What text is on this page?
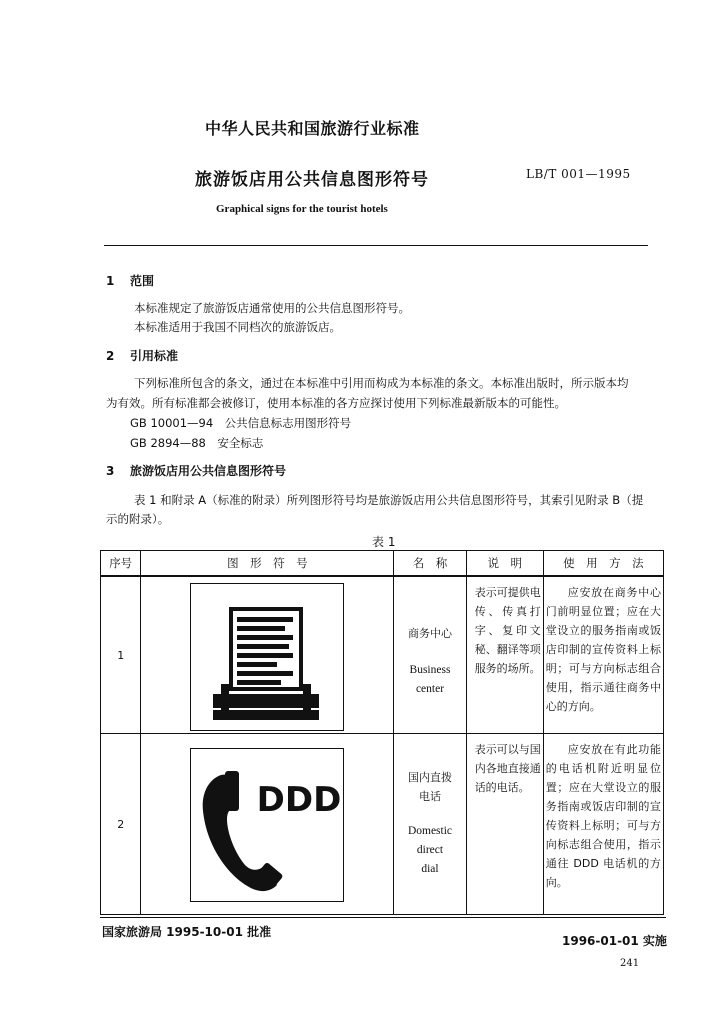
中华人民共和国旅游行业标准
旅游饭店用公共信息图形符号	LB/T 001—1995
Graphical signs for the tourist hotels
1 范围
本标准规定了旅游饭店通常使用的公共信息图形符号。
本标准适用于我国不同档次的旅游饭店。
2 引用标准
下列标准所包含的条文，通过在本标准中引用而构成为本标准的条文。本标准出版时，所示版本均
为有效。所有标准都会被修订，使用本标准的各方应探讨使用下列标准最新版本的可能性。
GB 10001—94　公共信息标志用图形符号
GB 2894—88　安全标志
3 旅游饭店用公共信息图形符号
表 1 和附录 A（标准的附录）所列图形符号均是旅游饭店用公共信息图形符号，其索引见附录 B（提
示的附录）。
表 1
序号	图　形　符　号	名　称	说　明	使　用　方　法

1		商务中心
Business
center	表示可提供电传、传真打字、复印文秘、翻译等项服务的场所。	应安放在商务中心门前明显位置；应在大堂设立的服务指南或饭店印制的宣传资料上标明；可与方向标志组合使用，指示通往商务中心的方向。

2	DDD	国内直拨
电话
Domestic
direct
dial	表示可以与国内各地直接通话的电话。	应安放在有此功能的电话机附近明显位置；应在大堂设立的服务指南或饭店印制的宣传资料上标明；可与方向标志组合使用，指示通往 DDD 电话机的方向。
国家旅游局 1995-10-01 批准
1996-01-01 实施
241
